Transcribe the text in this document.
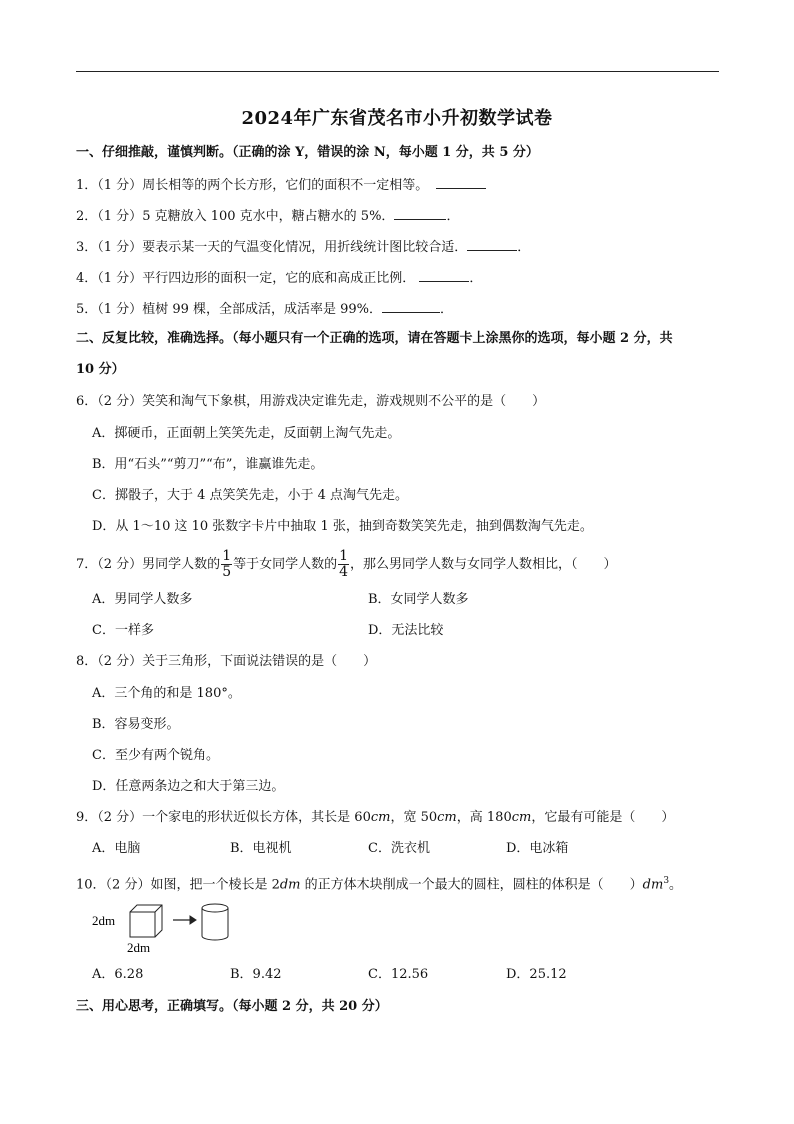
2024年广东省茂名市小升初数学试卷
一、仔细推敲，谨慎判断。（正确的涂 Y，错误的涂 N，每小题 1 分，共 5 分）
1．（1 分）周长相等的两个长方形，它们的面积不一定相等。
2．（1 分）5 克糖放入 100 克水中，糖占糖水的 5%．	．
3．（1 分）要表示某一天的气温变化情况，用折线统计图比较合适．	．
4．（1 分）平行四边形的面积一定，它的底和高成正比例．	．
5．（1 分）植树 99 棵，全部成活，成活率是 99%．	．
二、反复比较，准确选择。（每小题只有一个正确的选项，请在答题卡上涂黑你的选项，每小题 2 分，共
10 分）
6．（2 分）笑笑和淘气下象棋，用游戏决定谁先走，游戏规则不公平的是（　　）
A．掷硬币，正面朝上笑笑先走，反面朝上淘气先走。
B．用“石头”“剪刀”“布”，谁赢谁先走。
C．掷骰子，大于 4 点笑笑先走，小于 4 点淘气先走。
D．从 1～10 这 10 张数字卡片中抽取 1 张，抽到奇数笑笑先走，抽到偶数淘气先走。
7．（2 分）男同学人数的 $\frac{1}{5}$ 等于女同学人数的 $\frac{1}{4}$ ，那么男同学人数与女同学人数相比，（　　）
A．男同学人数多	B．女同学人数多
C．一样多	D．无法比较
8．（2 分）关于三角形，下面说法错误的是（　　）
A．三个角的和是 180°。
B．容易变形。
C．至少有两个锐角。
D．任意两条边之和大于第三边。
9．（2 分）一个家电的形状近似长方体，其长是 60cm，宽 50cm，高 180cm，它最有可能是（　　）
A．电脑	B．电视机	C．洗衣机	D．电冰箱
10．（2 分）如图，把一个棱长是 2dm 的正方体木块削成一个最大的圆柱，圆柱的体积是（　　）$dm^3$。
2dm
2dm
A．6.28	B．9.42	C．12.56	D．25.12
三、用心思考，正确填写。（每小题 2 分，共 20 分）
